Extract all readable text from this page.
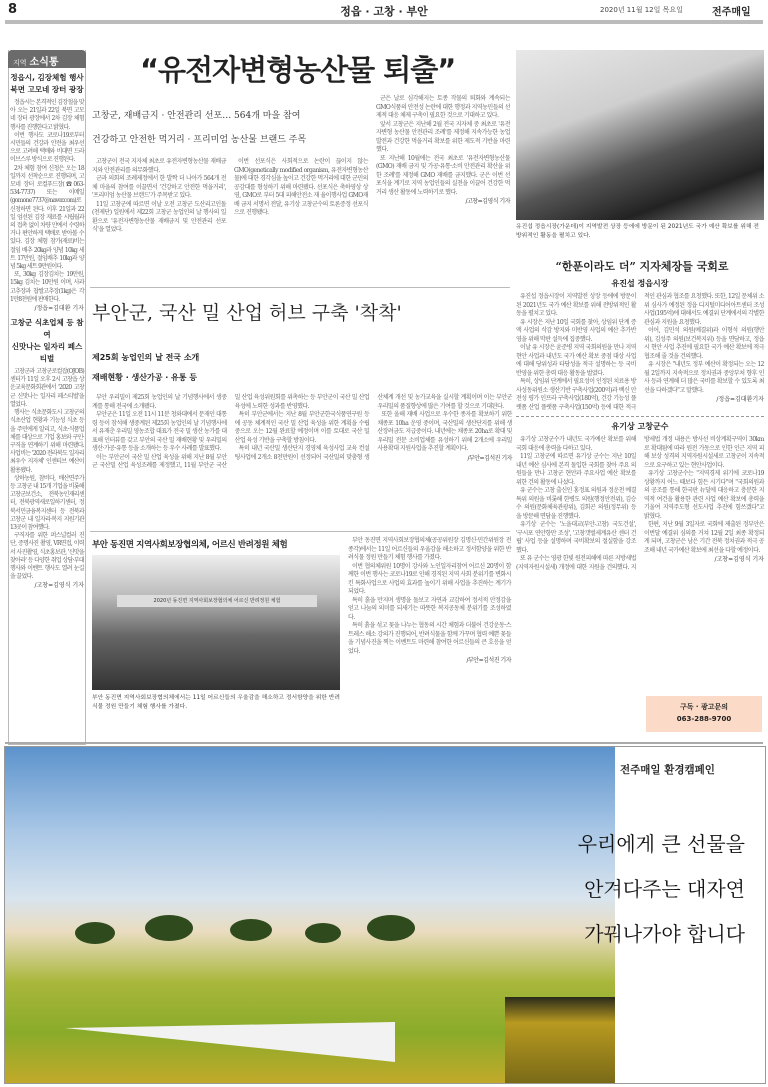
8	정읍 · 고창 · 부안	2020년 11월 12일 목요일	전주매일
지역 소식통
정읍시, 김장체험 행사
북면 고모네 장터 광장

정읍시는 본격적인 김장철을 맞아 오는 21일과 22일 북면 고모네 장터 광장에서 2차 김장 체험행사를 진행한다고 밝혔다.

이번 행사도 코로나19로부터 시민들의 건강과 안전을 최우선으로 고려해 택배와 비대면 드라이브스루 방식으로 진행된다.

2차 체험 참여 신청은 오는 18일까지 선착순으로 진행되며, 고모네 장터 로컬푸드장(☎063-534-7737) 또는 이메일(gomone7737@naver.com)로 신청하면 된다. 이후 21일과 22일 엄선된 김장 재료를 시립월과의 접촉 없이 차량 안에서 수령하거나 편안하게 택배로 받아볼 수 있다. 김장 체험 참가(재료)비는 절임 배추 20kg과 양념 10kg 세트 17만원, 절임배추 10kg과 양념 5kg 세트 9만원이다.

또, 30kg 김장김치는 19만원, 15kg 김치는 10만원 이며, 사과고추장과 찹쌀고추장(1kg)은 각 1만8천원에 판매한다.

/정읍=김대환 기자
고창군 식초업체 등 참여
신맛나는 일자리 페스티벌

고창군과 고창군로컬잡(OJOB)센터가 11일 오후 2시 고창읍 상운교육문화회관에서 '2020 고창군 신맛나는 일자리 페스티벌'을 열었다.

행사는 식초문화도시 고창군의 식초산업 현황과 기능성 식초 등을 주민에게 알리고, 식초·식품업체를 대상으로 기업 홍보와 구인·구직을 연계하기 위해 마련됐다. 사업비는 '2020 전라북도 일자리 최우수 지자체' 인센티브 예산이 활용됐다.

상하농원, 참비다, 배산면주가 등 고창군 내 15개 기업을 비롯해 고창군보건소, 전북농인재리센터, 전북광역새로일하기센터, 정북서민금융복지센터 등 전북과 고창군 내 일자리·복지 지원기관 13곳이 참여했다.

구직자를 위한 퍼스널컬러 진단, 증명사진 촬영, VR면접, 이력서 사진촬영, 식초홍보관, '신맛을 찾아라' 등 다양한 취업 상담·부대 행사와 이벤트 행사도 열려 눈길을 끌었다.

/고창=김영식 기자
“유전자변형농산물 퇴출”
고창군, 재배금지 · 안전관리 선포… 564개 마을 참여
건강하고 안전한 먹거리 · 프리미엄 농산물 브랜드 주목

고창군이 전국 지자체 최초로 유전자변형농산물 재배금지와 안전관리를 의무화했다.

군과 의회의 조례제정에서 한 발짝 더 나아가 564개 전체 마을의 참여를 이끌면서 '건강하고 안전한 먹을거리', '프리미엄 농산물 브랜드'가 주목받고 있다.

11일 고창군에 따르면 이날 오전 고창군 도산리고인돌(천제단) 일원에서 제22회 고창군 농업인의 날 행사의 일환으로 '유전자변형농산물 재배금지 및 안전관리 선포식'을 열었다.

이번 선포식은 사회적으로 논란이 끊이지 않는 GMO(genetically modified organism, 유전자변형농산물)에 대한 경각심을 높이고 건강한 먹거리에 대한 군민의 공감대를 형성하기 위해 마련됐다. 선포식은 축하영상 상영, GMO로 부터 5대 피해안전소 재 율이행사업 GMO재배 금지 서명서 전달, 유기상 고창군수의 토론증정 선포식으로 진행됐다.

군은 날로 심각해지는 토종 작물의 퇴화와 계속되는 GMO식품의 안전성 논란에 대한 행정과 지역농민들의 선제적 대응 체제 구축이 필요한 것으로 기대하고 있다.

앞서 고창군은 지난해 2월 전국 지자체 중 최초로 '유전자변형 농산물 안전관리 조례'를 제정해 지속가능한 농업발전과 건강한 먹을거리 확보를 위한 제도적 기반을 마련했다.

또 지난해 10월에는 전국 최초로 '유전자변형농산물(GMO) 재배 금지 및 가공·유통·소비 안전관리 확산을 위한 조례'를 제정해 GMO 재배를 금지했다. 군은 이번 선포식을 계기로 지역 농업인들의 실천을 이끌어 건강한 먹거리 생산 활동에 노력하기로 했다.

/고창=김영식 기자
부안군, 국산 밀 산업 허브 구축 '착착'
제25회 농업인의 날 전국 소개
재배현황 · 생산가공 · 유통 등

부안 우리밀이 제25회 농업인의 날 기념행사에서 생중계를 통해 전국에 소개됐다.

부안군은 11일 오전 11시 11분 청와대에서 문재인 대통령 등이 참석해 생중계된 제25회 농업인의 날 기념행사에서 유재춘 우리밀 영농조합 대표가 전국 밀 생산 농가를 대표해 인터뷰를 갖고 부안의 국산 밀 재배현황 및 우리밀의 생산·가공·유통 등을 소개하는 등 우수 사례를 발표했다.

이는 부안군이 국산 밀 산업 육성을 위해 지난 8월 부안군 국산밀 산업 육성조례를 제정했고, 11월 부안군 국산 밀 산업 육성위원회를 위촉하는 등 부안군이 국산 밀 산업 육성에 노력한 성과를 반영했다.

특히 부안군에서는 지난 8월 부안군한국식품연구원 등에 공동 체계적인 국산 밀 산업 육성을 위한 계획을 수립 중으로 오는 12월 완료할 예정이며 이를 토대로 국산 밀 산업 육성 기반을 구축할 방침이다.

특히 내년 국산밀 생산단지 경영체 육성사업 교육 컨설팅사업에 2개소 8천만원이 선정되어 국산밀의 맞춤형 생산체계 개선 및 농가교육을 실시할 계획이며 이는 부안군 우리밀의 품질향상에 많은 기여를 할 것으로 기대된다.

또한 올해 재배 사업으로 우수한 종자를 확보하기 위한 채종포 10ha 운영 중이며, 국산밀의 생산단지를 위해 생산장려금도 지급중이다. 내년에는 채종포 20ha로 확대 및 우리밀 전문 소비업체를 유성하기 위해 2개소에 우리밀 사용확대 지원사업을 추진할 계획이다.

/부안=김석진 기자
부안 동진면 지역사회보장협의체, 어르신 반려정원 체험
2020년 동진면 지역사회보장협의체 어르신 반려정원 체험
부안 동진면 지역사회보장협의체에서는 11일 어르신들의 우울감을 해소하고 정서함양을 위한 반려식물 정원 만들기 체험 행사를 가졌다.

부안 동진면 지역사회보장협의체(공공위원장 김명신·민간위원장 전종각)에서는 11일 어르신들의 우울감을 해소하고 정서함양을 위한 반려식물 정원 만들기 체험 행사를 가졌다.

이번 협의체위원 10명이 강사와 노인일자리참여 어르신 20명이 함께한 이번 행사는 코로나19로 인해 경직된 지역 사회 분위기를 변화시킨 특화사업으로 사업의 효과를 높이기 위해 사업을 추진하는 계기가 되었다.

특히 흙을 만지며 생명을 돌보고 자연과 교감하여 정서적 안정감을 얻고 나눔의 의미를 되새기는 따뜻한 복지공동체 분위기를 조성하였다.

특히 흙을 섞고 꽃을 나누는 협동의 시간 체험과 더불어 건강운동·스트레스 해소 강의가 진행되어, 반려식물을 함께 가꾸며 협력 예쁜 꽃들을 기념사진을 찍는 이벤트도 마련해 참여한 어르신들의 큰 호응을 얻었다.

/부안=김석진 기자
유진섭 정읍시장(가운데)이 지역발전 상장 등에에 방문이 된 2021년도 국가 예산 확보를 위해 전방위적인 활동을 펼치고 있다.
“한푼이라도 더” 지자체장들 국회로
유진섭 정읍시장

유진섭 정읍시장이 지역발전 상장 등에에 방문이 된 2021년도 국가 예산 확보를 위해 전방위적인 활동을 펼치고 있다.

유 시장은 지난 10일 국회를 찾아, 상임위 단계 증액 사업의 삭감 방지와 미반영 사업의 예산 추가반영을 위해 막판 설득에 집중했다.

이날 유 시장은 윤준병 지역 국회의원을 만나 지역 현안 사업과 내년도 국가 예산 확보 중점 대상 사업에 대해 당위성과 타당성을 적극 설명하는 등 국비 반영을 위한 총력 대응 활동을 벌였다.

특히, 상임위 단계에서 필요성이 인정된 치료용 방사성동위원소 생산기반 구축사업(200억)과 백신 안전성 평가 인프라 구축사업(180억), 건강 기능성 플랫폼 산업 플랫폼 구축사업(150억) 등에 대한 적극적인 관심과 협조를 요청했다. 또한, 12일 문체위 소위 심사가 예정된 정읍 디지털미디어아트센터 조성사업(195억)에 대해서도 예결위 단계에서의 각별한 관심과 지원을 요청했다.

이어, 김민석 의원(예결위)과 이형석 의원(행안위), 김성주 의원(보건복지위) 등을 면담하고, 정읍시 현안 사업 추진에 필요한 국가 예산 확보에 적극 협조해 줄 것을 건의했다.

유 시장은 "내년도 정부 예산이 확정되는 오는 12월 2일까지 지속적으로 정치권과 중앙부처 향후 인사 등과 연계해 더 많은 국비를 확보할 수 있도록 최선을 다하겠다"고 말했다.

/정읍=김대환기자
유기상 고창군수

유기상 고창군수가 내년도 국가예산 확보를 위해 국회 대응에 총력을 다하고 있다.

11일 고창군에 따르면 유기상 군수는 지난 10일 내년 예산 심사에 본격 돌입한 국회를 찾아 주요 의원들을 만나 고창군 현안과 주요사업 예산 확보를 위한 건의 활동에 나섰다.

유 군수는 고창 출신인 홍정표 의원과 정운천 예결특위 의원을 비롯해 한병도 의원(행정안전위), 김승수 의원(문화체육관광위), 김회곤 의원(정무위) 등을 방문해 면담을 진행했다.

유기상 군수는 '노을대교(부안-고창) 국도건설', '구시포 연안항만 조성', '고창갯벌세계유산 센터 건립' 사업 등을 설명하며 국비확보의 절실함을 강조했다.

또 유 군수는 영광 한빛 원전피해에 따른 지방세법(지역자원시설세) 개정에 대한 지원을 건의했다. 지방세법 개정 내용은 방사선 비상계획구역이 30km로 확대됨에 따라 원전 가동으로 인한 인근 지역 피해 보상 성격의 지역자원시설세로 고창군이 지속적으로 요구하고 있는 현안사업이다.

유기상 고창군수는 "지역경제 위기에 코로나19 상황까지 어느 때보다 힘든 시기다"며 "국회의원과의 공조를 통해 한국판 뉴딜에 대응하고 충분한 지역적 여건을 활용한 관련 사업 예산 확보에 총력을 기울여 지역주도형 선도사업 추진에 힘쓰겠다"고 밝혔다.

한편, 지난 9월 3일자로 국회에 제출된 정부안은 이번달 예결위 심의를 거쳐 12월 2일 최종 확정되게 되며, 고창군은 남은 기간 전북 정치권과 적극 공조해 내년 국가예산 확보에 최선을 다할 예정이다.

/고창=김영식 기자
구독 · 광고문의
063-288-9700
전주매일 환경캠페인
우리에게 큰 선물을
안겨다주는 대자연
가꿔나가야 합니다
